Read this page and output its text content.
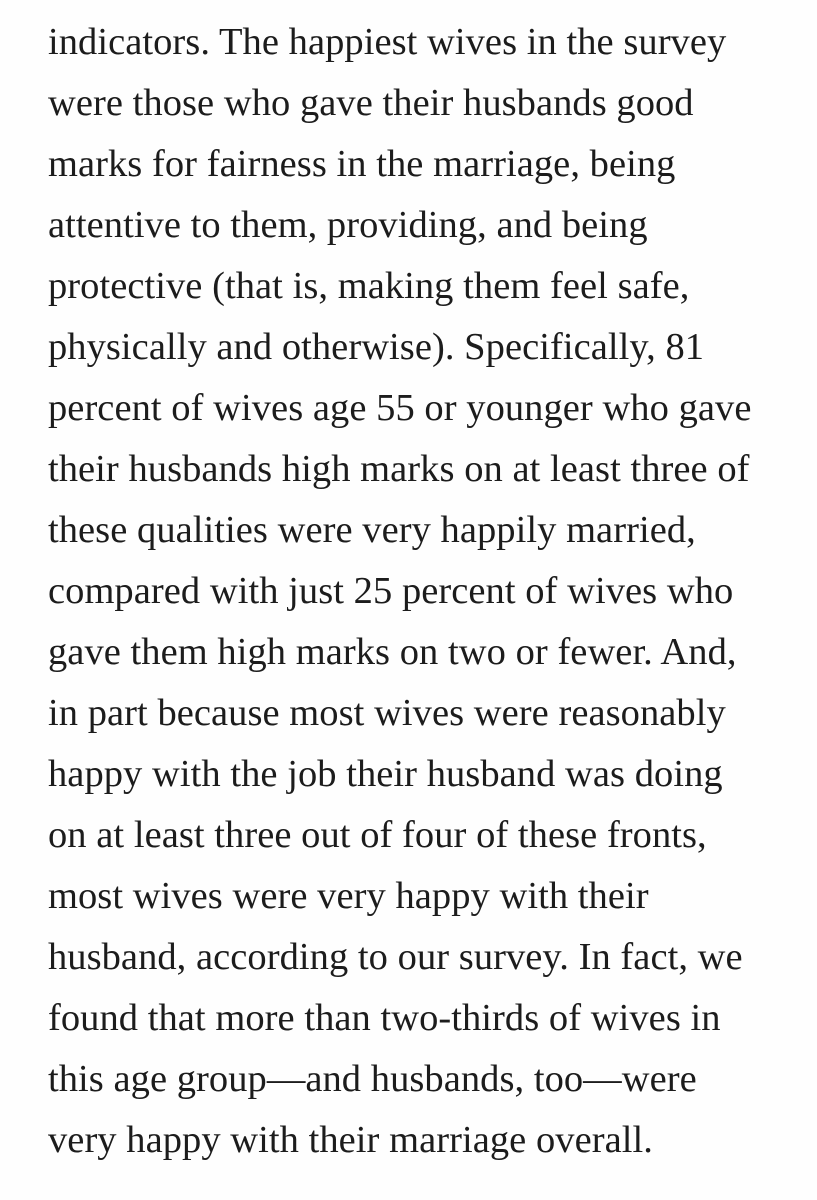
indicators. The happiest wives in the survey
were those who gave their husbands good
marks for fairness in the marriage, being
attentive to them, providing, and being
protective (that is, making them feel safe,
physically and otherwise). Specifically, 81
percent of wives age 55 or younger who gave
their husbands high marks on at least three of
these qualities were very happily married,
compared with just 25 percent of wives who
gave them high marks on two or fewer. And,
in part because most wives were reasonably
happy with the job their husband was doing
on at least three out of four of these fronts,
most wives were very happy with their
husband, according to our survey. In fact, we
found that more than two-thirds of wives in
this age group—and husbands, too—were
very happy with their marriage overall.
